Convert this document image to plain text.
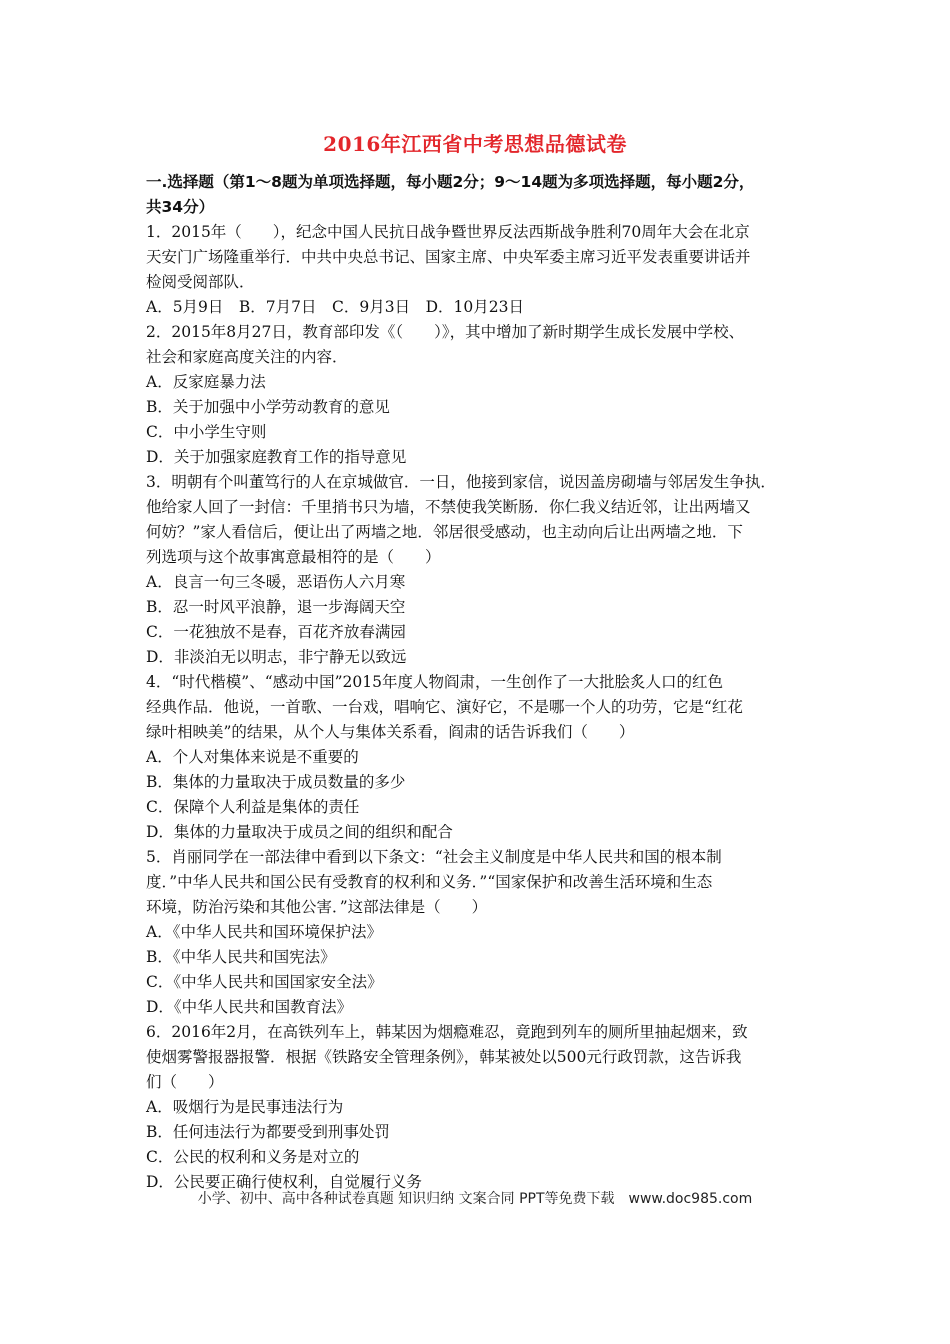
2016年江西省中考思想品德试卷
一.选择题（第1～8题为单项选择题，每小题2分；9～14题为多项选择题，每小题2分，
共34分）
1．2015年（　　），纪念中国人民抗日战争暨世界反法西斯战争胜利70周年大会在北京
天安门广场隆重举行．中共中央总书记、国家主席、中央军委主席习近平发表重要讲话并
检阅受阅部队．
A．5月9日　B．7月7日　C．9月3日　D．10月23日
2．2015年8月27日，教育部印发《（　　）》，其中增加了新时期学生成长发展中学校、
社会和家庭高度关注的内容．
A．反家庭暴力法
B．关于加强中小学劳动教育的意见
C．中小学生守则
D．关于加强家庭教育工作的指导意见
3．明朝有个叫董笃行的人在京城做官．一日，他接到家信，说因盖房砌墙与邻居发生争执．
他给家人回了一封信：千里捎书只为墙，不禁使我笑断肠．你仁我义结近邻，让出两墙又
何妨？”家人看信后，便让出了两墙之地．邻居很受感动，也主动向后让出两墙之地．下
列选项与这个故事寓意最相符的是（　　）
A．良言一句三冬暖，恶语伤人六月寒
B．忍一时风平浪静，退一步海阔天空
C．一花独放不是春，百花齐放春满园
D．非淡泊无以明志，非宁静无以致远
4．“时代楷模”、“感动中国”2015年度人物阎肃，一生创作了一大批脍炙人口的红色
经典作品．他说，一首歌、一台戏，唱响它、演好它，不是哪一个人的功劳，它是“红花
绿叶相映美”的结果，从个人与集体关系看，阎肃的话告诉我们（　　）
A．个人对集体来说是不重要的
B．集体的力量取决于成员数量的多少
C．保障个人利益是集体的责任
D．集体的力量取决于成员之间的组织和配合
5．肖丽同学在一部法律中看到以下条文：“社会主义制度是中华人民共和国的根本制
度．”中华人民共和国公民有受教育的权利和义务．”“国家保护和改善生活环境和生态
环境，防治污染和其他公害．”这部法律是（　　）
A．《中华人民共和国环境保护法》
B．《中华人民共和国宪法》
C．《中华人民共和国国家安全法》
D．《中华人民共和国教育法》
6．2016年2月，在高铁列车上，韩某因为烟瘾难忍，竟跑到列车的厕所里抽起烟来，致
使烟雾警报器报警．根据《铁路安全管理条例》，韩某被处以500元行政罚款，这告诉我
们（　　）
A．吸烟行为是民事违法行为
B．任何违法行为都要受到刑事处罚
C．公民的权利和义务是对立的
D．公民要正确行使权利，自觉履行义务
小学、初中、高中各种试卷真题 知识归纳 文案合同 PPT等免费下载　www.doc985.com
